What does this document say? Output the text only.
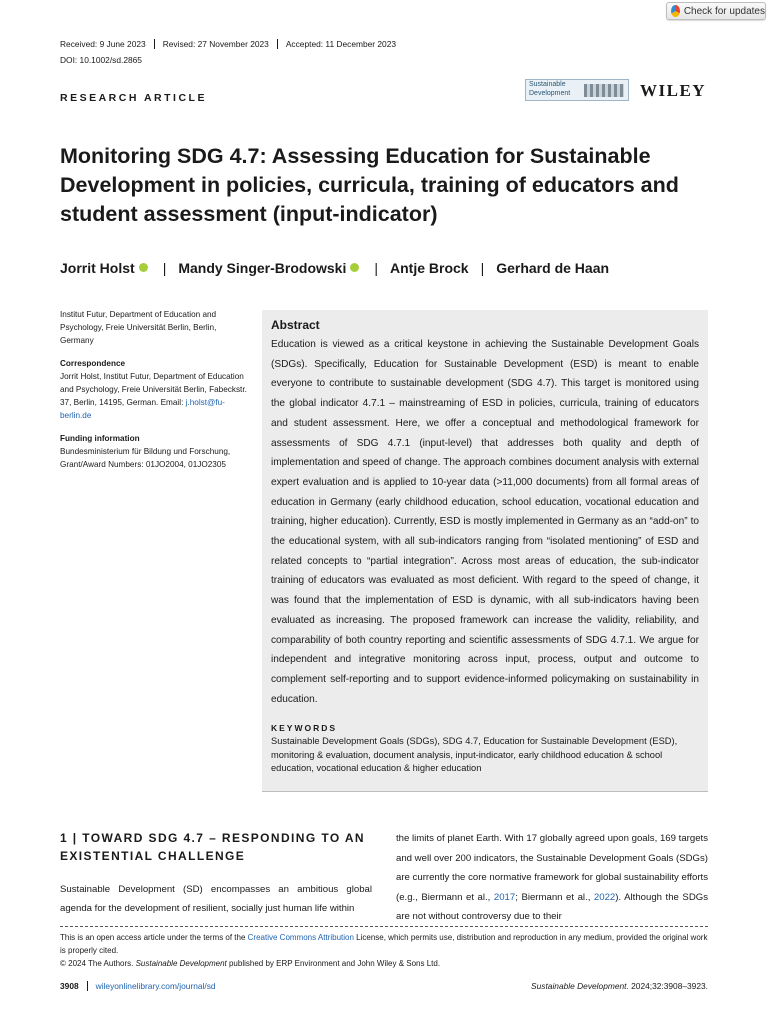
Check for updates
Received: 9 June 2023	Revised: 27 November 2023	Accepted: 11 December 2023
DOI: 10.1002/sd.2865
RESEARCH ARTICLE
Sustainable
Development	WILEY
Monitoring SDG 4.7: Assessing Education for Sustainable Development in policies, curricula, training of educators and student assessment (input-indicator)
Jorrit Holst | Mandy Singer-Brodowski | Antje Brock | Gerhard de Haan

Institut Futur, Department of Education and Psychology, Freie Universität Berlin, Berlin, Germany

Correspondence

Jorrit Holst, Institut Futur, Department of Education and Psychology, Freie Universität Berlin, Fabeckstr. 37, Berlin, 14195, German. Email: j.holst@fu-berlin.de

Funding information

Bundesministerium für Bildung und Forschung, Grant/Award Numbers: 01JO2004, 01JO2305

Abstract

Education is viewed as a critical keystone in achieving the Sustainable Development Goals (SDGs). Specifically, Education for Sustainable Development (ESD) is meant to enable everyone to contribute to sustainable development (SDG 4.7). This target is monitored using the global indicator 4.7.1 – mainstreaming of ESD in policies, curricula, training of educators and student assessment. Here, we offer a conceptual and methodological framework for assessments of SDG 4.7.1 (input-level) that addresses both quality and depth of implementation and speed of change. The approach combines document analysis with external expert evaluation and is applied to 10-year data (>11,000 documents) from all formal areas of education in Germany (early childhood education, school education, vocational education and training, higher education). Currently, ESD is mostly implemented in Germany as an “add-on” to the educational system, with all sub-indicators ranging from “isolated mentioning” of ESD and related concepts to “partial integration”. Across most areas of education, the sub-indicator training of educators was evaluated as most deficient. With regard to the speed of change, it was found that the implementation of ESD is dynamic, with all sub-indicators having been evaluated as increasing. The proposed framework can increase the validity, reliability, and comparability of both country reporting and scientific assessments of SDG 4.7.1. We argue for independent and integrative monitoring across input, process, output and outcome to complement self-reporting and to support evidence-informed policymaking on sustainability in education.

KEYWORDS

Sustainable Development Goals (SDGs), SDG 4.7, Education for Sustainable Development (ESD), monitoring & evaluation, document analysis, input-indicator, early childhood education & school education, vocational education & higher education

1 | TOWARD SDG 4.7 – RESPONDING TO AN EXISTENTIAL CHALLENGE

Sustainable Development (SD) encompasses an ambitious global agenda for the development of resilient, socially just human life within

the limits of planet Earth. With 17 globally agreed upon goals, 169 targets and well over 200 indicators, the Sustainable Development Goals (SDGs) are currently the core normative framework for global sustainability efforts (e.g., Biermann et al., 2017; Biermann et al., 2022). Although the SDGs are not without controversy due to their

This is an open access article under the terms of the Creative Commons Attribution License, which permits use, distribution and reproduction in any medium, provided the original work is properly cited.

© 2024 The Authors. Sustainable Development published by ERP Environment and John Wiley & Sons Ltd.

3908	wileyonlinelibrary.com/journal/sd	Sustainable Development. 2024;32:3908–3923.
